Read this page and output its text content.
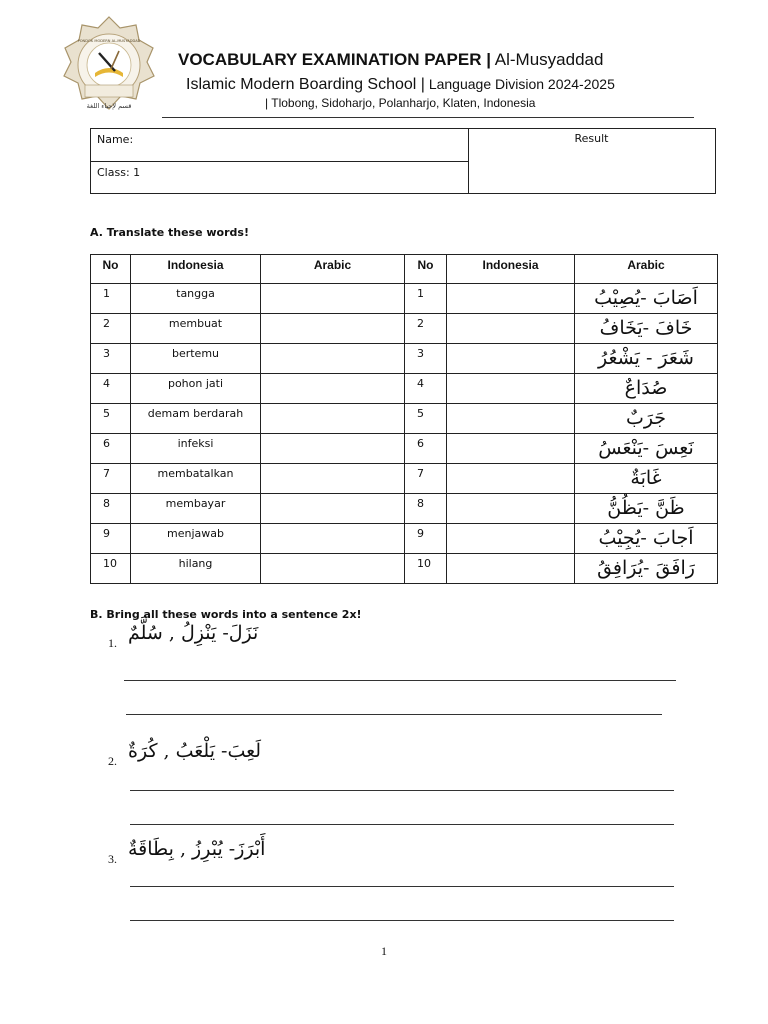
قسم لإحياء اللغة
PONDOK MODERN AL-MUSYADDAD
VOCABULARY EXAMINATION PAPER | Al-Musyaddad
Islamic Modern Boarding School | Language Division 2024-2025
| Tlobong, Sidoharjo, Polanharjo, Klaten, Indonesia
Name:
Class: 1
Result
A. Translate these words!
No	Indonesia	Arabic	No	Indonesia	Arabic
1	tangga		1		اَصَابَ -يُصِيْبُ
2	membuat		2		خَافَ -يَخَافُ
3	bertemu		3		شَعَرَ - يَشْعُرُ
4	pohon jati		4		صُدَاعٌ
5	demam berdarah		5		جَرَبٌ
6	infeksi		6		نَعِسَ -يَنْعَسُ
7	membatalkan		7		غَابَةٌ
8	membayar		8		ظَنَّ -يَظُنُّ
9	menjawab		9		اَجابَ -يُجِيْبُ
10	hilang		10		رَافَقَ -يُرَافِقُ
B. Bring all these words into a sentence 2x!
1. نَزَلَ- يَنْزِلُ , سُلَّمٌ
2. لَعِبَ- يَلْعَبُ , كُرَةٌ
3. أَبْرَزَ- يُبْرِزُ , بِطَاقَةٌ
1
